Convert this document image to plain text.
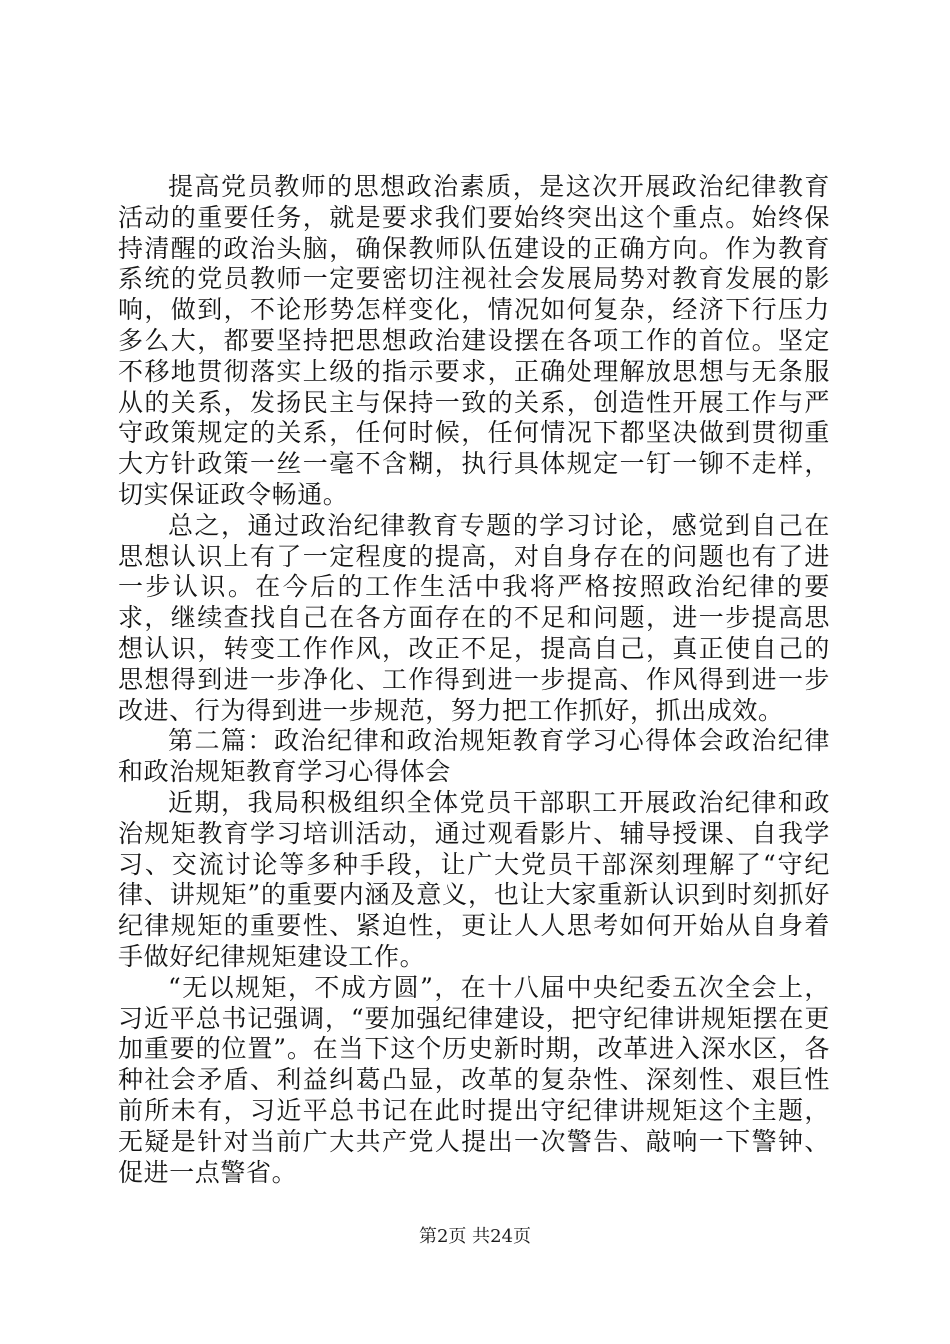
提高党员教师的思想政治素质，是这次开展政治纪律教育活动的重要任务，就是要求我们要始终突出这个重点。始终保持清醒的政治头脑，确保教师队伍建设的正确方向。作为教育系统的党员教师一定要密切注视社会发展局势对教育发展的影响，做到，不论形势怎样变化，情况如何复杂，经济下行压力多么大，都要坚持把思想政治建设摆在各项工作的首位。坚定不移地贯彻落实上级的指示要求，正确处理解放思想与无条服从的关系，发扬民主与保持一致的关系，创造性开展工作与严守政策规定的关系，任何时候，任何情况下都坚决做到贯彻重大方针政策一丝一毫不含糊，执行具体规定一钉一铆不走样，切实保证政令畅通。

总之，通过政治纪律教育专题的学习讨论，感觉到自己在思想认识上有了一定程度的提高，对自身存在的问题也有了进一步认识。在今后的工作生活中我将严格按照政治纪律的要求，继续查找自己在各方面存在的不足和问题，进一步提高思想认识，转变工作作风，改正不足，提高自己，真正使自己的思想得到进一步净化、工作得到进一步提高、作风得到进一步改进、行为得到进一步规范，努力把工作抓好，抓出成效。

第二篇：政治纪律和政治规矩教育学习心得体会政治纪律和政治规矩教育学习心得体会

近期，我局积极组织全体党员干部职工开展政治纪律和政治规矩教育学习培训活动，通过观看影片、辅导授课、自我学习、交流讨论等多种手段，让广大党员干部深刻理解了“守纪律、讲规矩”的重要内涵及意义，也让大家重新认识到时刻抓好纪律规矩的重要性、紧迫性，更让人人思考如何开始从自身着手做好纪律规矩建设工作。

“无以规矩，不成方圆”，在十八届中央纪委五次全会上，习近平总书记强调，“要加强纪律建设，把守纪律讲规矩摆在更加重要的位置”。在当下这个历史新时期，改革进入深水区，各种社会矛盾、利益纠葛凸显，改革的复杂性、深刻性、艰巨性前所未有，习近平总书记在此时提出守纪律讲规矩这个主题，无疑是针对当前广大共产党人提出一次警告、敲响一下警钟、促进一点警省。

第2页 共24页
